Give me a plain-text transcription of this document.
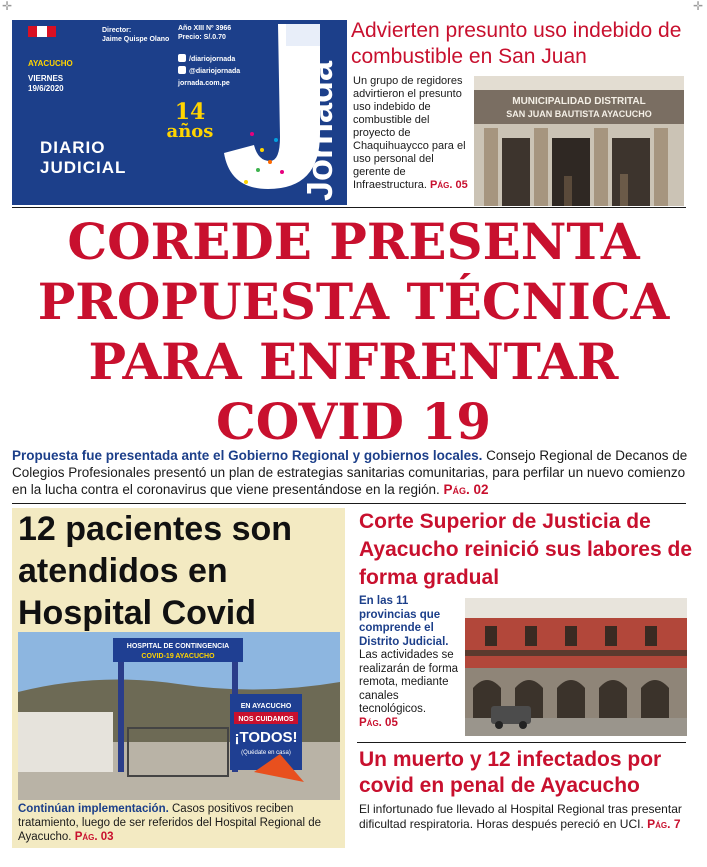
✛	✛
AYACUCHO
VIERNES
19/6/2020
Director:
Jaime Quispe Olano
Año XIII Nº 3966
Precio: S/.0.70
/diariojornada
@diariojornada
jornada.com.pe
14
años
DIARIO
JUDICIAL	Jornada
Advierten presunto uso indebido de combustible en San Juan

Un grupo de regidores advirtieron el presunto uso indebido de combustible del proyecto de Chaquihuaycco para el uso personal del gerente de Infraestructura. Pág. 05

MUNICIPALIDAD DISTRITAL
SAN JUAN BAUTISTA AYACUCHO
COREDE PRESENTA
PROPUESTA TÉCNICA
PARA ENFRENTAR
COVID 19

Propuesta fue presentada ante el Gobierno Regional y gobiernos locales. Consejo Regional de Decanos de Colegios Profesionales presentó un plan de estrategias sanitarias comunitarias, para perfilar un nuevo comienzo en la lucha contra el coronavirus que viene presentándose en la región. Pág. 02

12 pacientes son atendidos en Hospital Covid
HOSPITAL DE CONTINGENCIA
COVID-19 AYACUCHO
EN AYACUCHO
NOS CUIDAMOS
¡TODOS!
(Quédate en casa)

Continúan implementación. Casos positivos reciben tratamiento, luego de ser referidos del Hospital Regional de Ayacucho. Pág. 03

Corte Superior de Justicia de Ayacucho reinició sus labores de forma gradual

En las 11 provincias que comprende el Distrito Judicial. Las actividades se realizarán de forma remota, mediante canales tecnológicos.
Pág. 05

Un muerto y 12 infectados por covid en penal de Ayacucho

El infortunado fue llevado al Hospital Regional tras presentar dificultad respiratoria. Horas después pereció en UCI. Pág. 7
